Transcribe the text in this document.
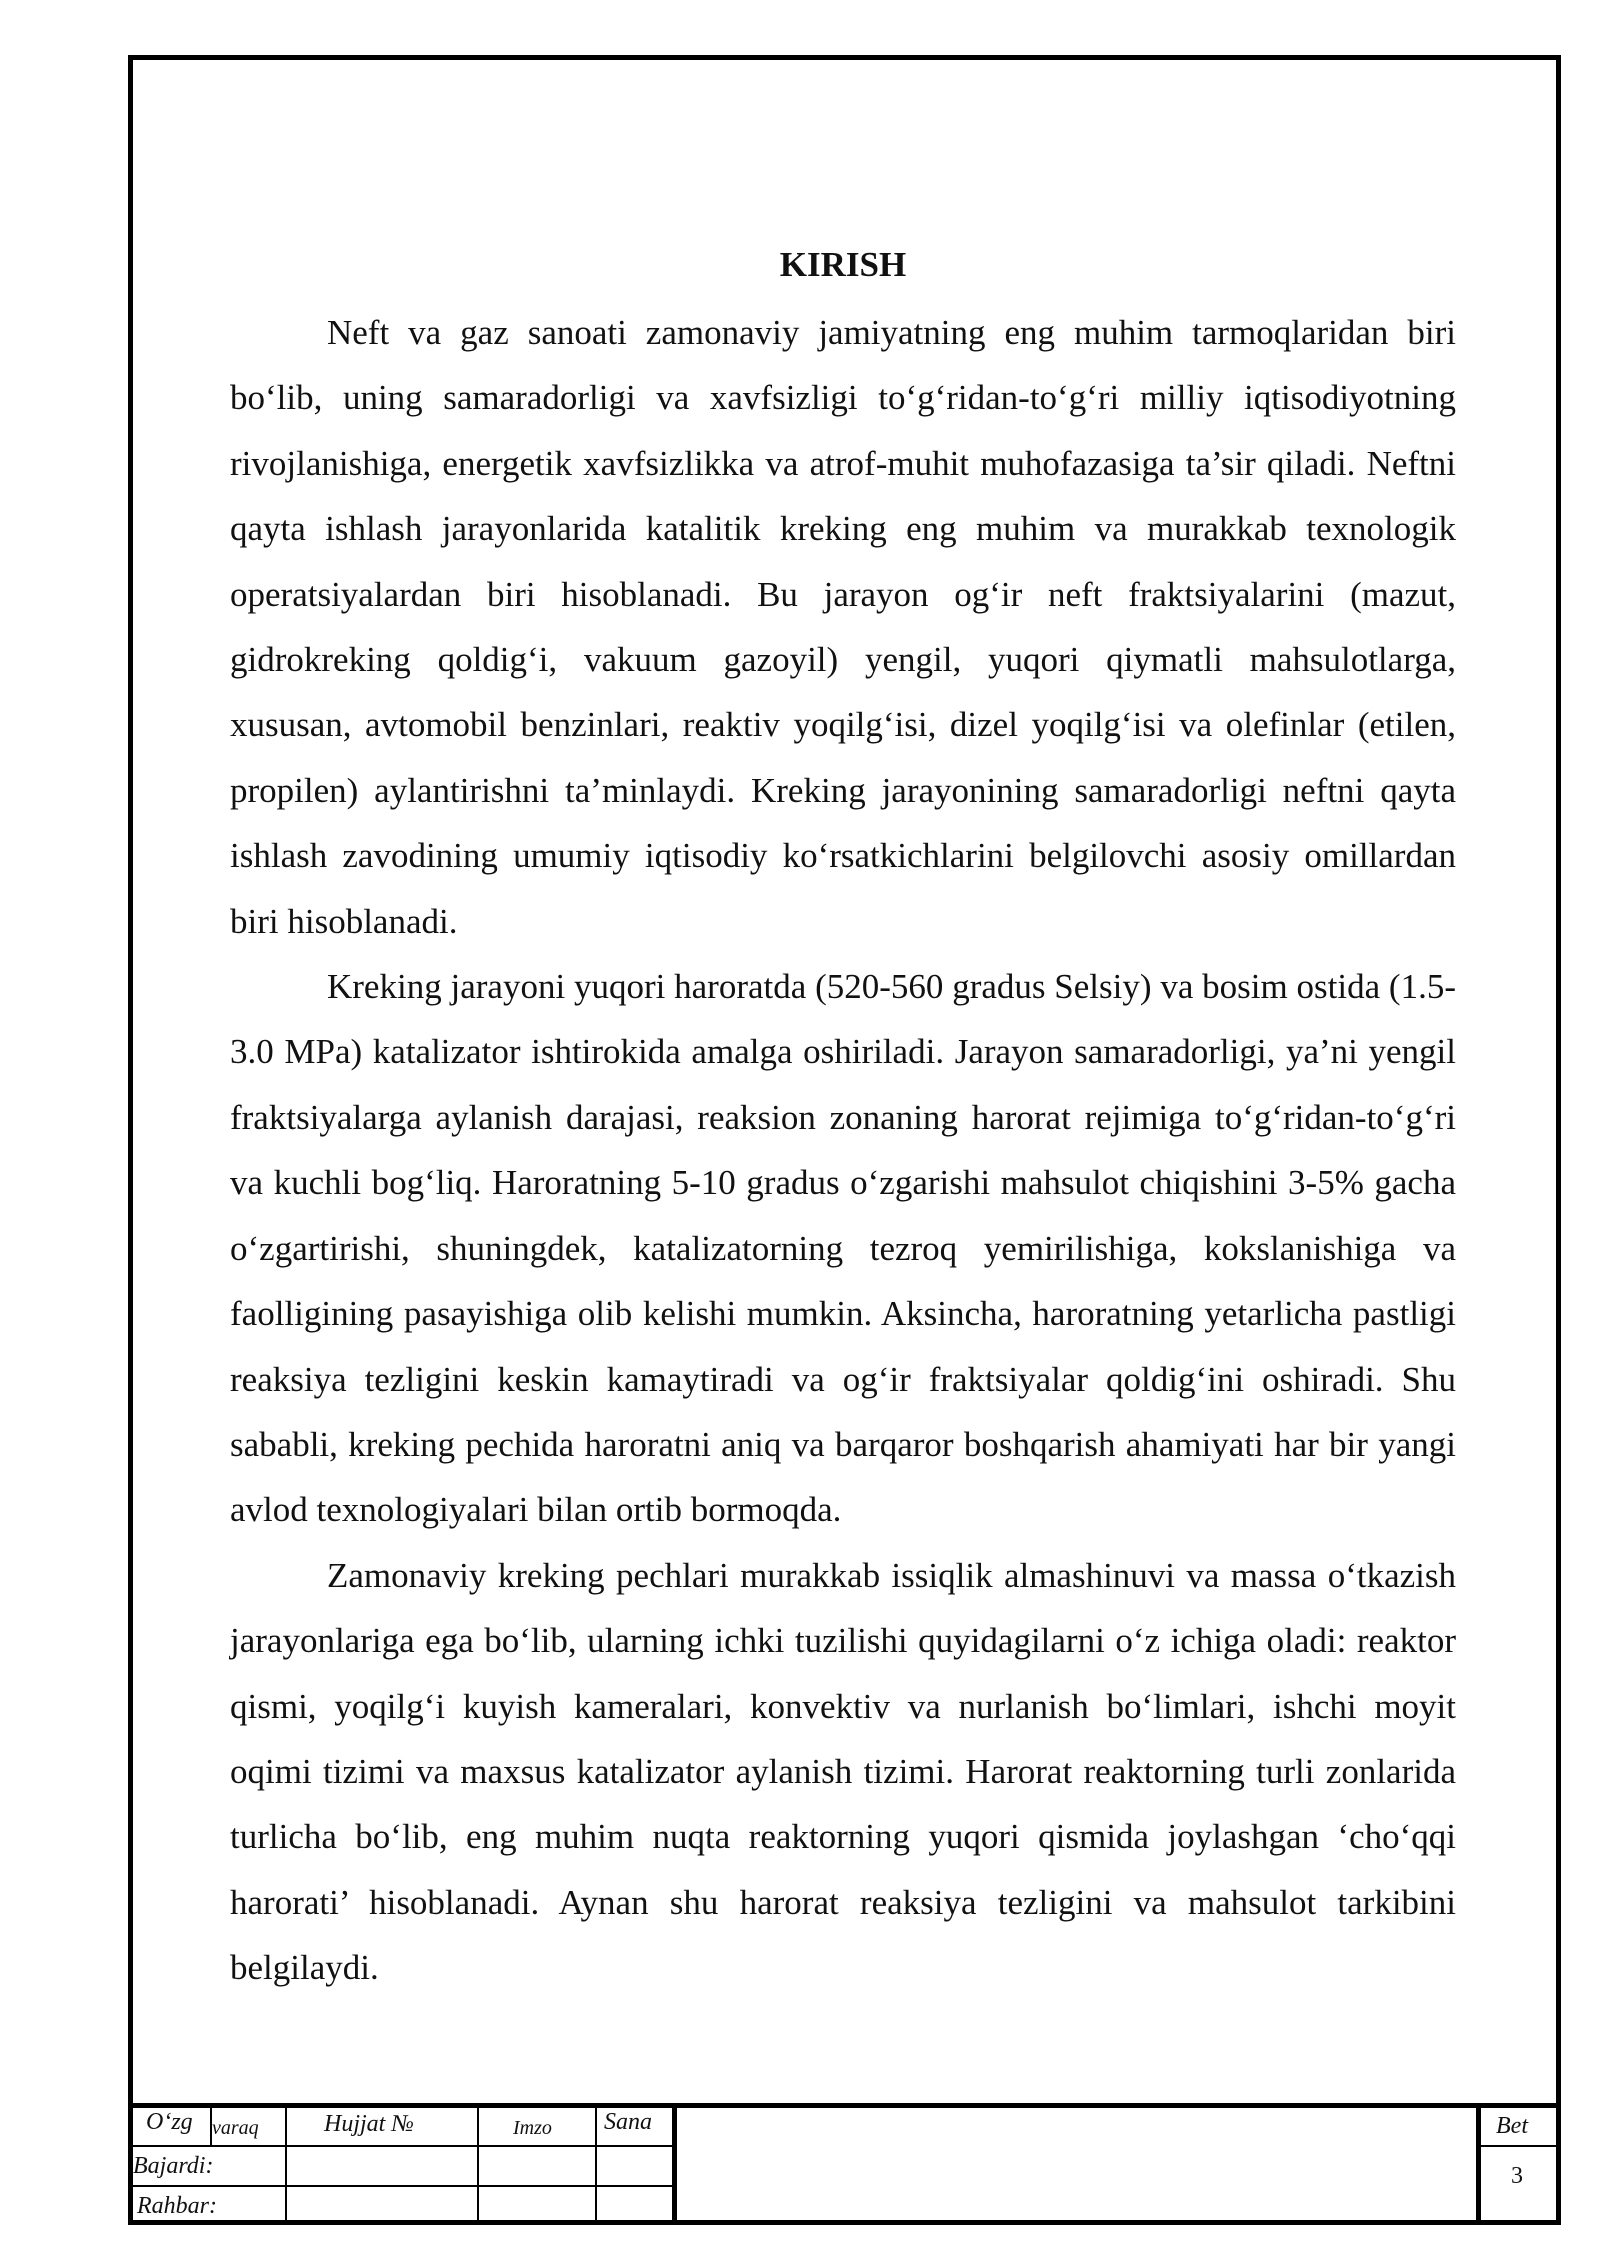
KIRISH

Neft va gaz sanoati zamonaviy jamiyatning eng muhim tarmoqlaridan biri bo‘lib, uning samaradorligi va xavfsizligi to‘g‘ridan-to‘g‘ri milliy iqtisodiyotning rivojlanishiga, energetik xavfsizlikka va atrof-muhit muhofazasiga ta’sir qiladi. Neftni qayta ishlash jarayonlarida katalitik kreking eng muhim va murakkab texnologik operatsiyalardan biri hisoblanadi. Bu jarayon og‘ir neft fraktsiyalarini (mazut, gidrokreking qoldig‘i, vakuum gazoyil) yengil, yuqori qiymatli mahsulotlarga, xususan, avtomobil benzinlari, reaktiv yoqilg‘isi, dizel yoqilg‘isi va olefinlar (etilen, propilen) aylantirishni ta’minlaydi. Kreking jarayonining samaradorligi neftni qayta ishlash zavodining umumiy iqtisodiy ko‘rsatkichlarini belgilovchi asosiy omillardan biri hisoblanadi.

Kreking jarayoni yuqori haroratda (520-560 gradus Selsiy) va bosim ostida (1.5-3.0 MPa) katalizator ishtirokida amalga oshiriladi. Jarayon samaradorligi, ya’ni yengil fraktsiyalarga aylanish darajasi, reaksion zonaning harorat rejimiga to‘g‘ridan-to‘g‘ri va kuchli bog‘liq. Haroratning 5-10 gradus o‘zgarishi mahsulot chiqishini 3-5% gacha o‘zgartirishi, shuningdek, katalizatorning tezroq yemirilishiga, kokslanishiga va faolligining pasayishiga olib kelishi mumkin. Aksincha, haroratning yetarlicha pastligi reaksiya tezligini keskin kamaytiradi va og‘ir fraktsiyalar qoldig‘ini oshiradi. Shu sababli, kreking pechida haroratni aniq va barqaror boshqarish ahamiyati har bir yangi avlod texnologiyalari bilan ortib bormoqda.

Zamonaviy kreking pechlari murakkab issiqlik almashinuvi va massa o‘tkazish jarayonlariga ega bo‘lib, ularning ichki tuzilishi quyidagilarni o‘z ichiga oladi: reaktor qismi, yoqilg‘i kuyish kameralari, konvektiv va nurlanish bo‘limlari, ishchi moyit oqimi tizimi va maxsus katalizator aylanish tizimi. Harorat reaktorning turli zonlarida turlicha bo‘lib, eng muhim nuqta reaktorning yuqori qismida joylashgan ‘cho‘qqi harorati’ hisoblanadi. Aynan shu harorat reaksiya tezligini va mahsulot tarkibini belgilaydi.

O‘zg varaq	Hujjat №	Imzo Sana
Bajardi:
Rahbar:
Bet
3
